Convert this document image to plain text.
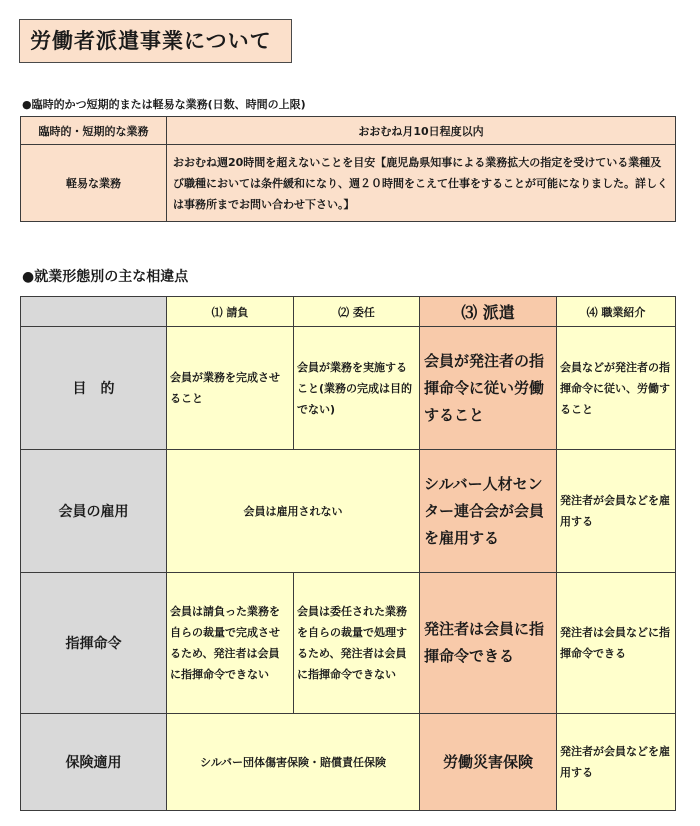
労働者派遣事業について
●臨時的かつ短期的または軽易な業務(日数、時間の上限)
臨時的・短期的な業務	おおむね月10日程度以内
軽易な業務	おおむね週20時間を超えないことを目安【鹿児島県知事による業務拡大の指定を受けている業種及び職種においては条件緩和になり、週２０時間をこえて仕事をすることが可能になりました。詳しくは事務所までお問い合わせ下さい。】
●就業形態別の主な相違点
	⑴ 請負	⑵ 委任	⑶ 派遣	⑷ 職業紹介
目　的	会員が業務を完成させること	会員が業務を実施すること(業務の完成は目的でない)	会員が発注者の指揮命令に従い労働すること	会員などが発注者の指揮命令に従い、労働すること
会員の雇用	会員は雇用されない		シルバー人材センター連合会が会員を雇用する	発注者が会員などを雇用する
指揮命令	会員は請負った業務を自らの裁量で完成させるため、発注者は会員に指揮命令できない	会員は委任された業務を自らの裁量で処理するため、発注者は会員に指揮命令できない	発注者は会員に指揮命令できる	発注者は会員などに指揮命令できる
保険適用	シルバー団体傷害保険・賠償責任保険		労働災害保険	発注者が会員などを雇用する
